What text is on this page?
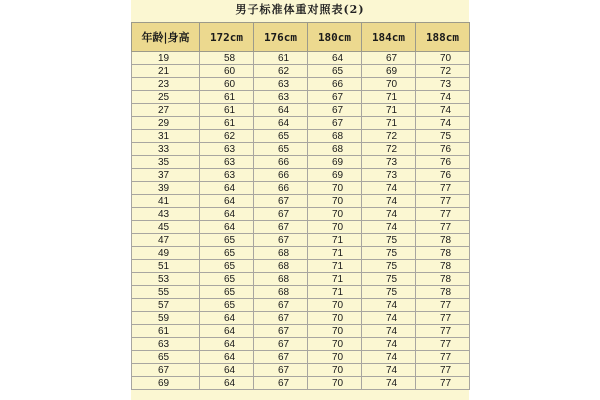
男子标准体重对照表(2)
年龄|身高	172cm	176cm	180cm	184cm	188cm
19	58	61	64	67	70
21	60	62	65	69	72
23	60	63	66	70	73
25	61	63	67	71	74
27	61	64	67	71	74
29	61	64	67	71	74
31	62	65	68	72	75
33	63	65	68	72	76
35	63	66	69	73	76
37	63	66	69	73	76
39	64	66	70	74	77
41	64	67	70	74	77
43	64	67	70	74	77
45	64	67	70	74	77
47	65	67	71	75	78
49	65	68	71	75	78
51	65	68	71	75	78
53	65	68	71	75	78
55	65	68	71	75	78
57	65	67	70	74	77
59	64	67	70	74	77
61	64	67	70	74	77
63	64	67	70	74	77
65	64	67	70	74	77
67	64	67	70	74	77
69	64	67	70	74	77
